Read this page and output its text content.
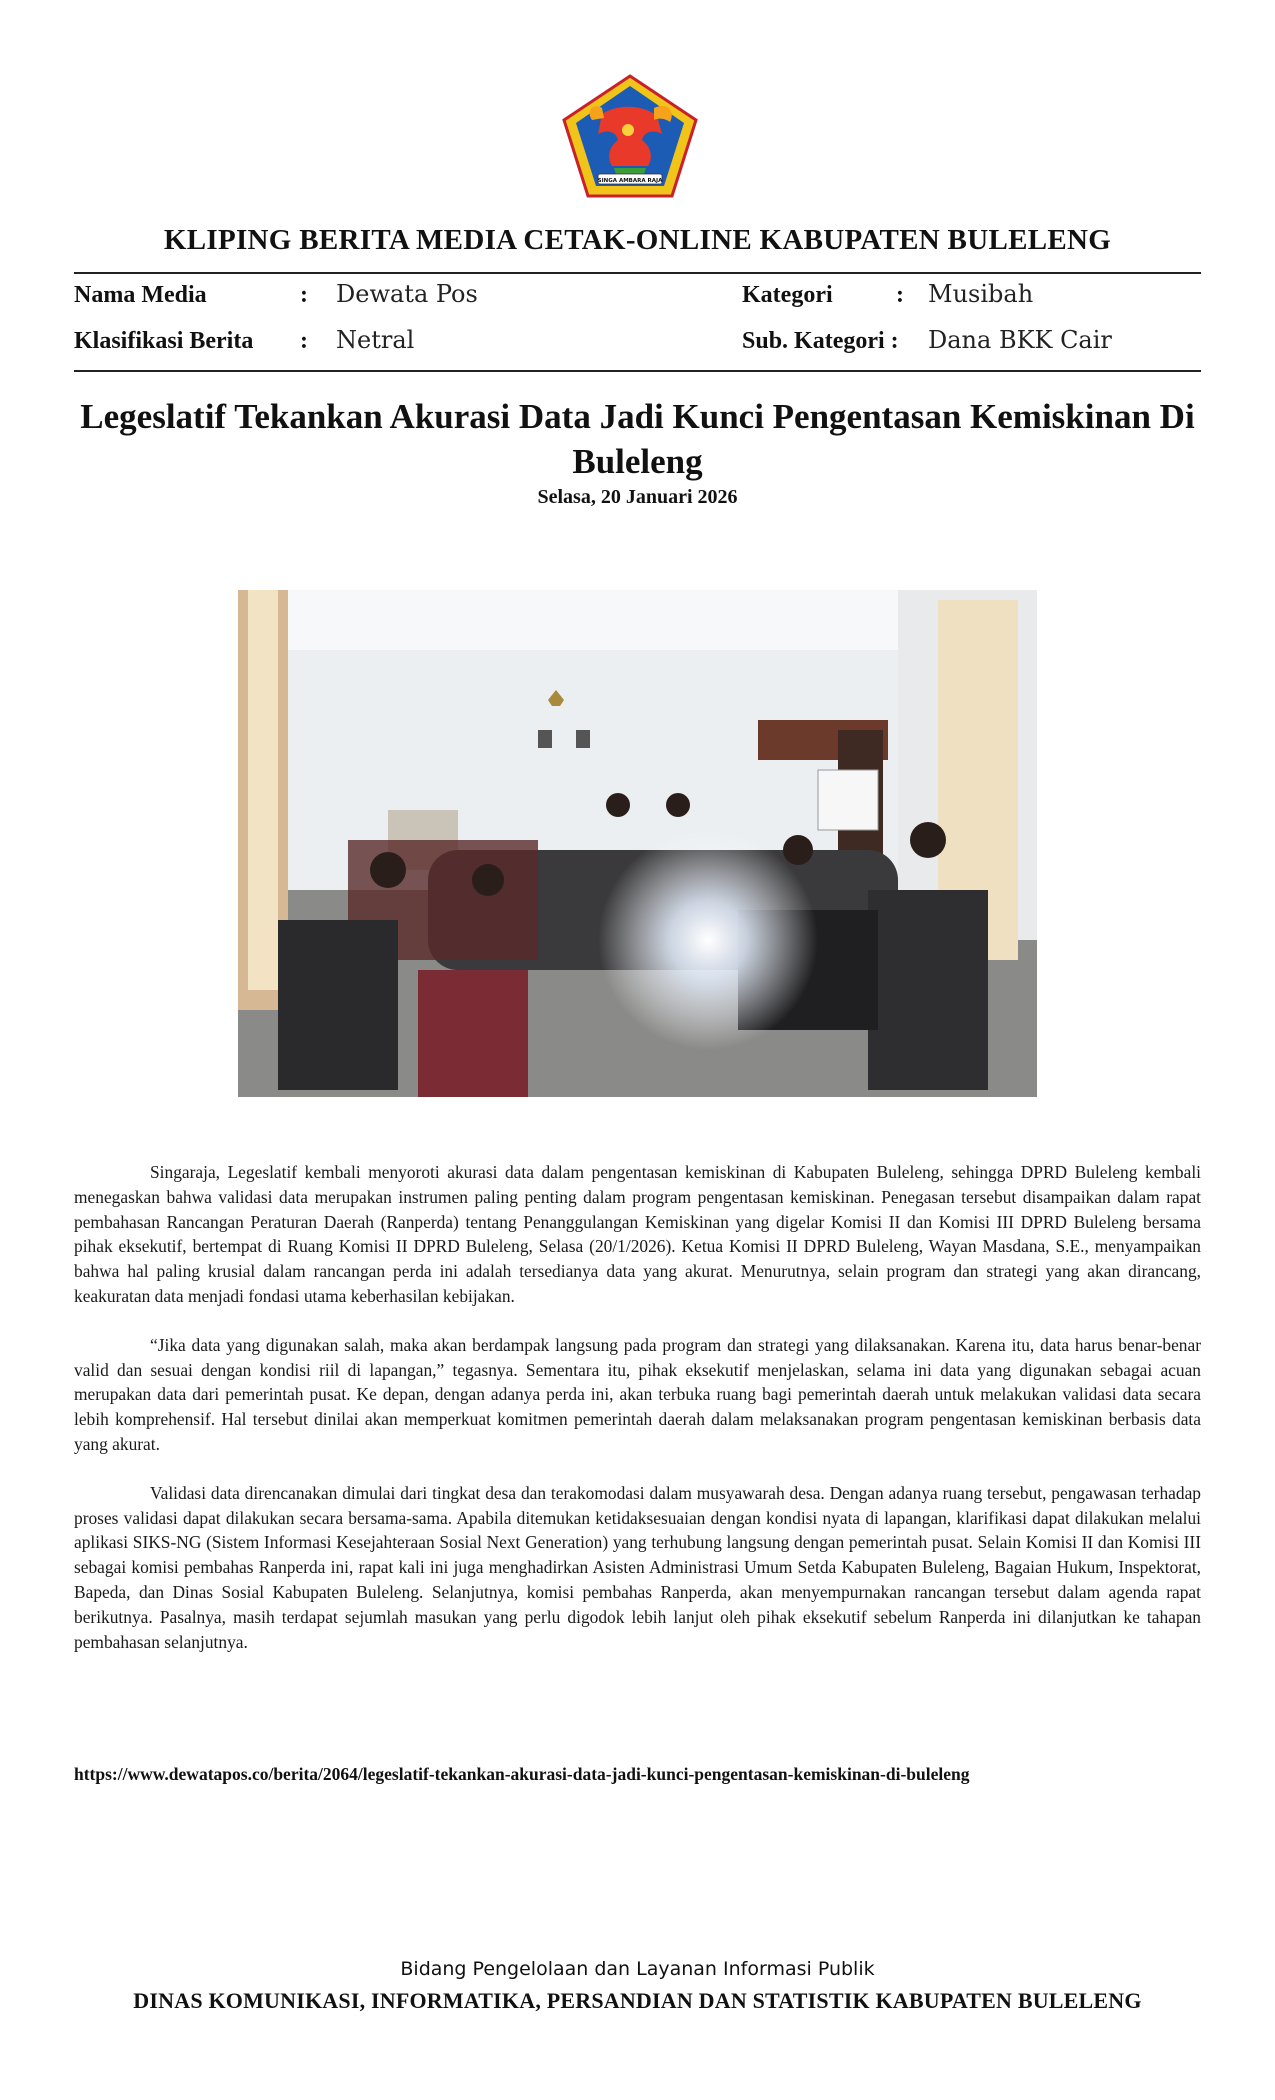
SINGA AMBARA RAJA
KLIPING BERITA MEDIA CETAK-ONLINE KABUPATEN BULELENG
Nama Media	: Dewata Pos	Kategori	: Musibah
Klasifikasi Berita : Netral	Sub. Kategori : Dana BKK Cair
Legeslatif Tekankan Akurasi Data Jadi Kunci Pengentasan Kemiskinan Di Buleleng
Selasa, 20 Januari 2026

Singaraja, Legeslatif kembali menyoroti akurasi data dalam pengentasan kemiskinan di Kabupaten Buleleng, sehingga DPRD Buleleng kembali menegaskan bahwa validasi data merupakan instrumen paling penting dalam program pengentasan kemiskinan. Penegasan tersebut disampaikan dalam rapat pembahasan Rancangan Peraturan Daerah (Ranperda) tentang Penanggulangan Kemiskinan yang digelar Komisi II dan Komisi III DPRD Buleleng bersama pihak eksekutif, bertempat di Ruang Komisi II DPRD Buleleng, Selasa (20/1/2026). Ketua Komisi II DPRD Buleleng, Wayan Masdana, S.E., menyampaikan bahwa hal paling krusial dalam rancangan perda ini adalah tersedianya data yang akurat. Menurutnya, selain program dan strategi yang akan dirancang, keakuratan data menjadi fondasi utama keberhasilan kebijakan.

“Jika data yang digunakan salah, maka akan berdampak langsung pada program dan strategi yang dilaksanakan. Karena itu, data harus benar-benar valid dan sesuai dengan kondisi riil di lapangan,” tegasnya. Sementara itu, pihak eksekutif menjelaskan, selama ini data yang digunakan sebagai acuan merupakan data dari pemerintah pusat. Ke depan, dengan adanya perda ini, akan terbuka ruang bagi pemerintah daerah untuk melakukan validasi data secara lebih komprehensif. Hal tersebut dinilai akan memperkuat komitmen pemerintah daerah dalam melaksanakan program pengentasan kemiskinan berbasis data yang akurat.

Validasi data direncanakan dimulai dari tingkat desa dan terakomodasi dalam musyawarah desa. Dengan adanya ruang tersebut, pengawasan terhadap proses validasi dapat dilakukan secara bersama-sama. Apabila ditemukan ketidaksesuaian dengan kondisi nyata di lapangan, klarifikasi dapat dilakukan melalui aplikasi SIKS-NG (Sistem Informasi Kesejahteraan Sosial Next Generation) yang terhubung langsung dengan pemerintah pusat. Selain Komisi II dan Komisi III sebagai komisi pembahas Ranperda ini, rapat kali ini juga menghadirkan Asisten Administrasi Umum Setda Kabupaten Buleleng, Bagaian Hukum, Inspektorat, Bapeda, dan Dinas Sosial Kabupaten Buleleng. Selanjutnya, komisi pembahas Ranperda, akan menyempurnakan rancangan tersebut dalam agenda rapat berikutnya. Pasalnya, masih terdapat sejumlah masukan yang perlu digodok lebih lanjut oleh pihak eksekutif sebelum Ranperda ini dilanjutkan ke tahapan pembahasan selanjutnya.

https://www.dewatapos.co/berita/2064/legeslatif-tekankan-akurasi-data-jadi-kunci-pengentasan-kemiskinan-di-buleleng
Bidang Pengelolaan dan Layanan Informasi Publik
DINAS KOMUNIKASI, INFORMATIKA, PERSANDIAN DAN STATISTIK KABUPATEN BULELENG
